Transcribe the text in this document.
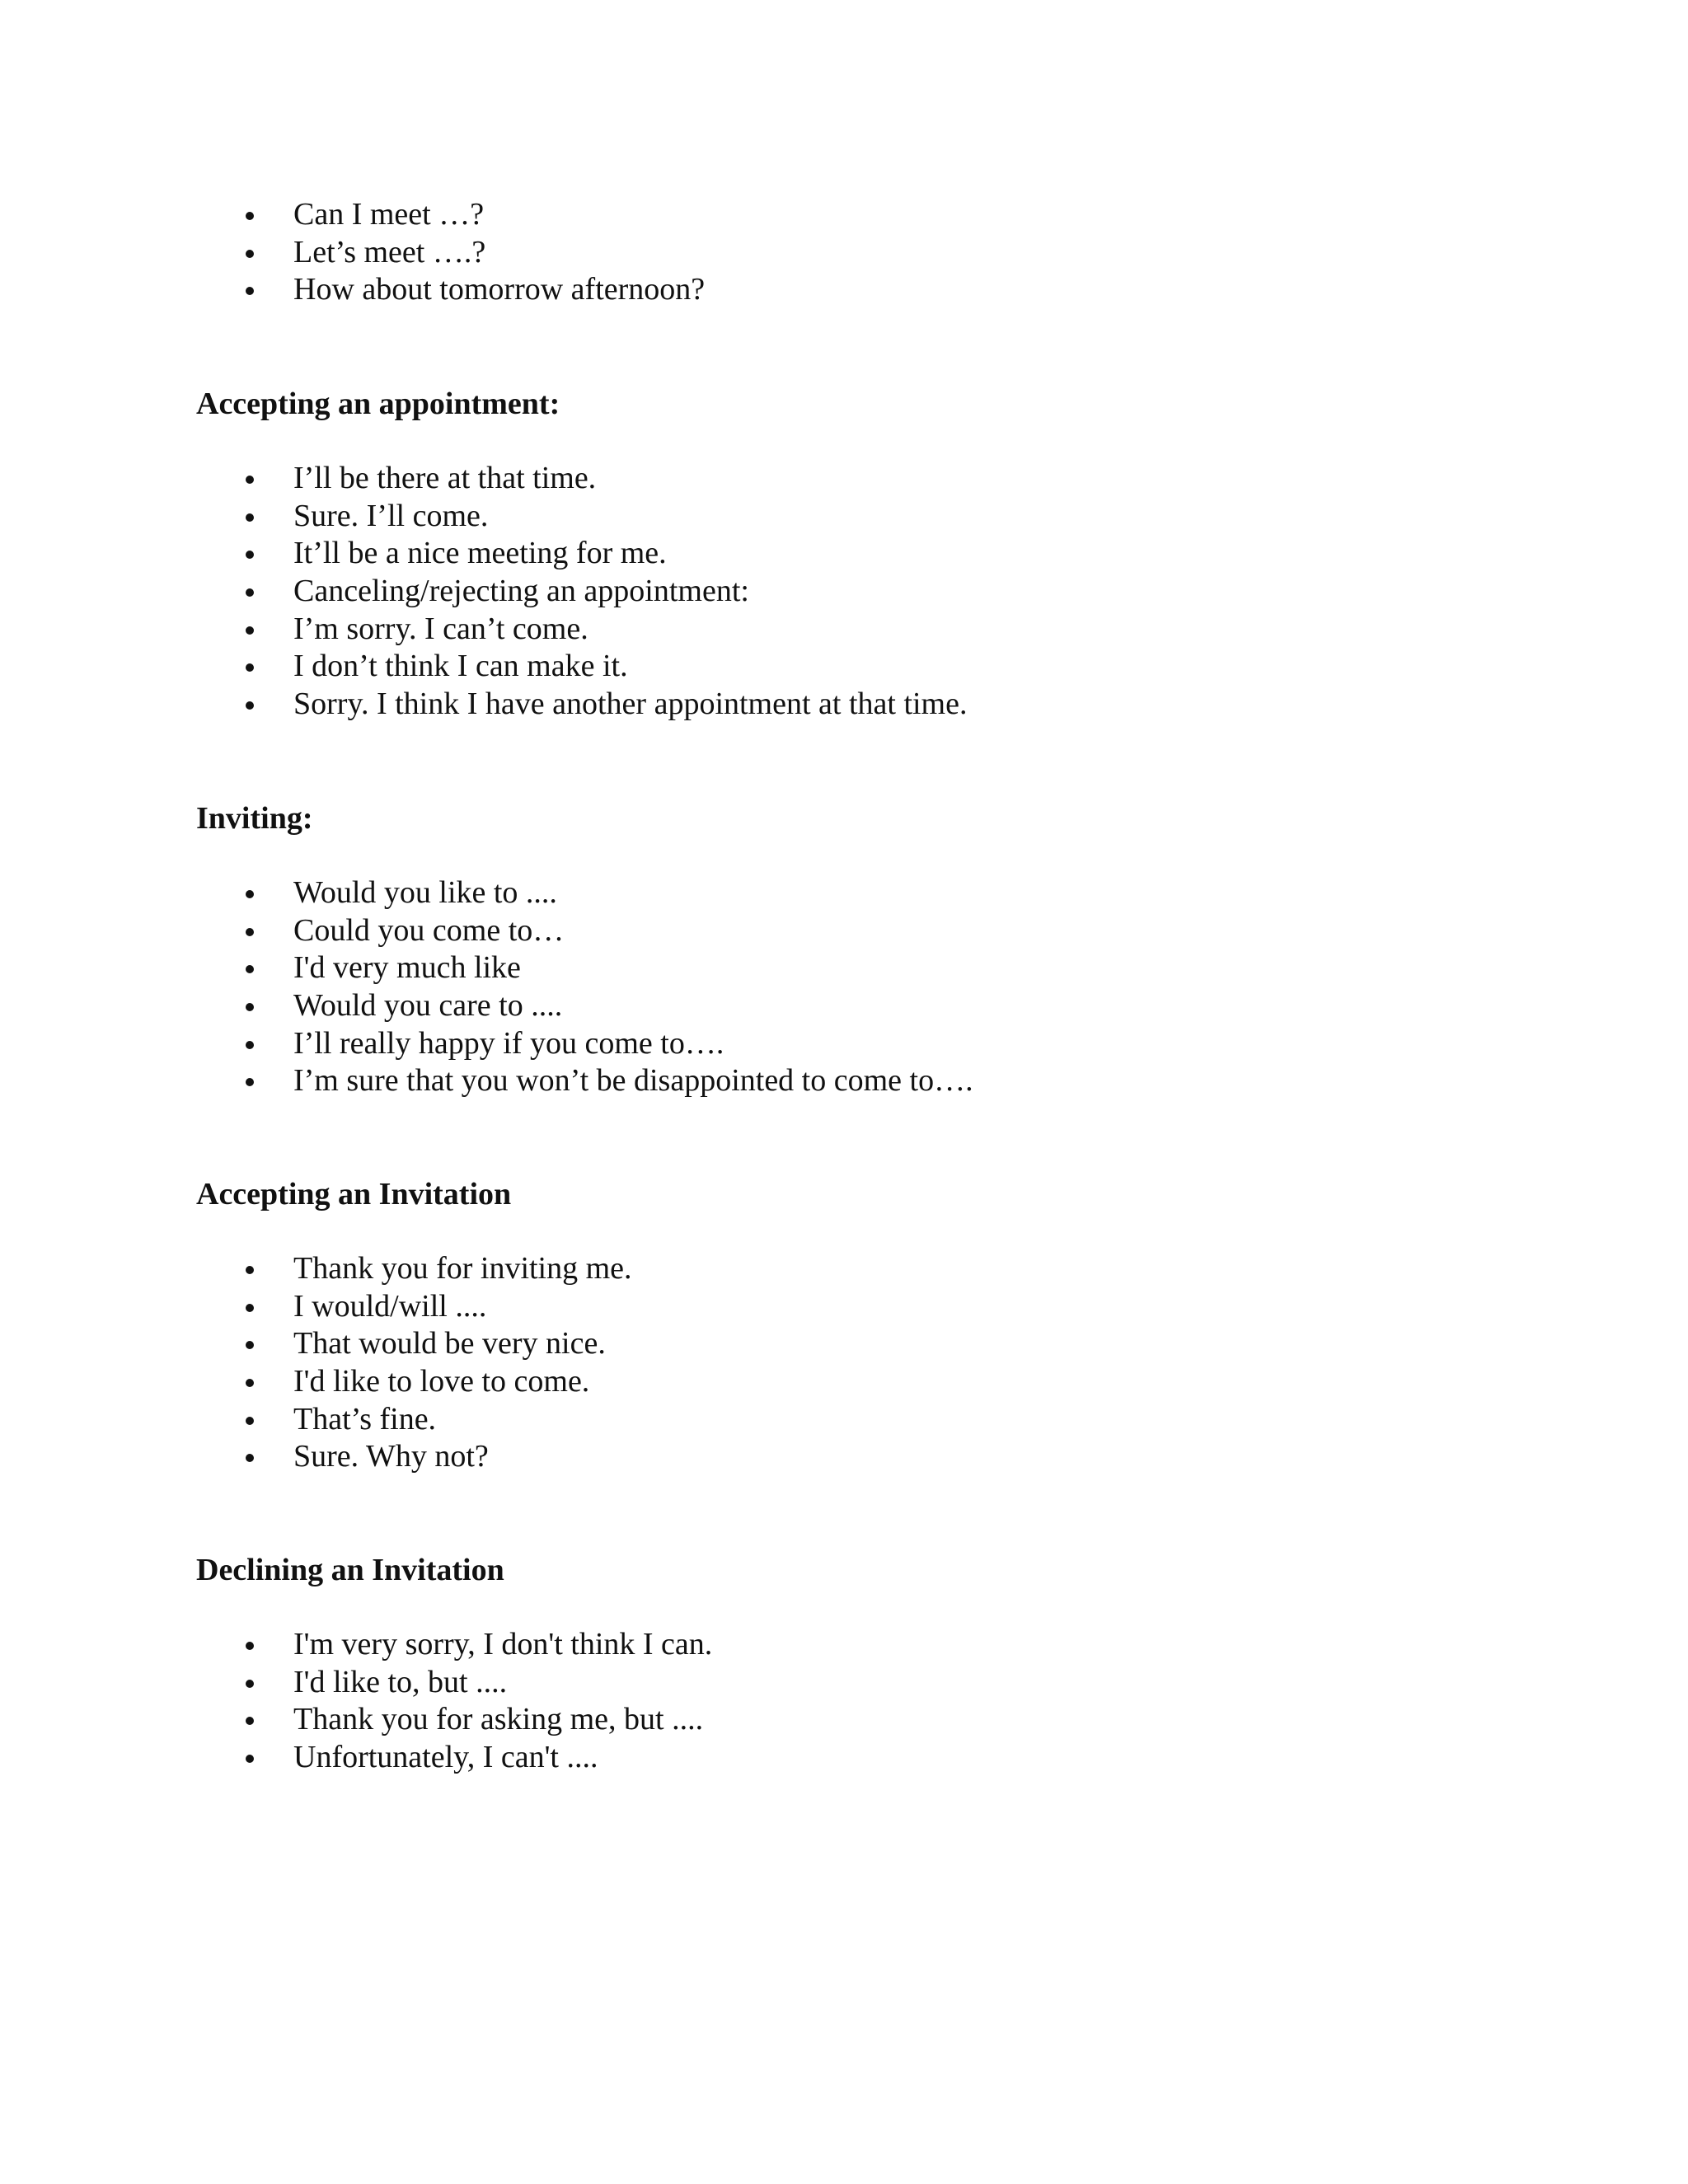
Can I meet …?
Let’s meet ….?
How about tomorrow afternoon?
Accepting an appointment:
I’ll be there at that time.
Sure. I’ll come.
It’ll be a nice meeting for me.
Canceling/rejecting an appointment:
I’m sorry. I can’t come.
I don’t think I can make it.
Sorry. I think I have another appointment at that time.
Inviting:
Would you like to ....
Could you come to…
I'd very much like
Would you care to ....
I’ll really happy if you come to….
I’m sure that you won’t be disappointed to come to….
Accepting an Invitation
Thank you for inviting me.
I would/will ....
That would be very nice.
I'd like to love to come.
That’s fine.
Sure. Why not?
Declining an Invitation
I'm very sorry, I don't think I can.
I'd like to, but ....
Thank you for asking me, but ....
Unfortunately, I can't ....
